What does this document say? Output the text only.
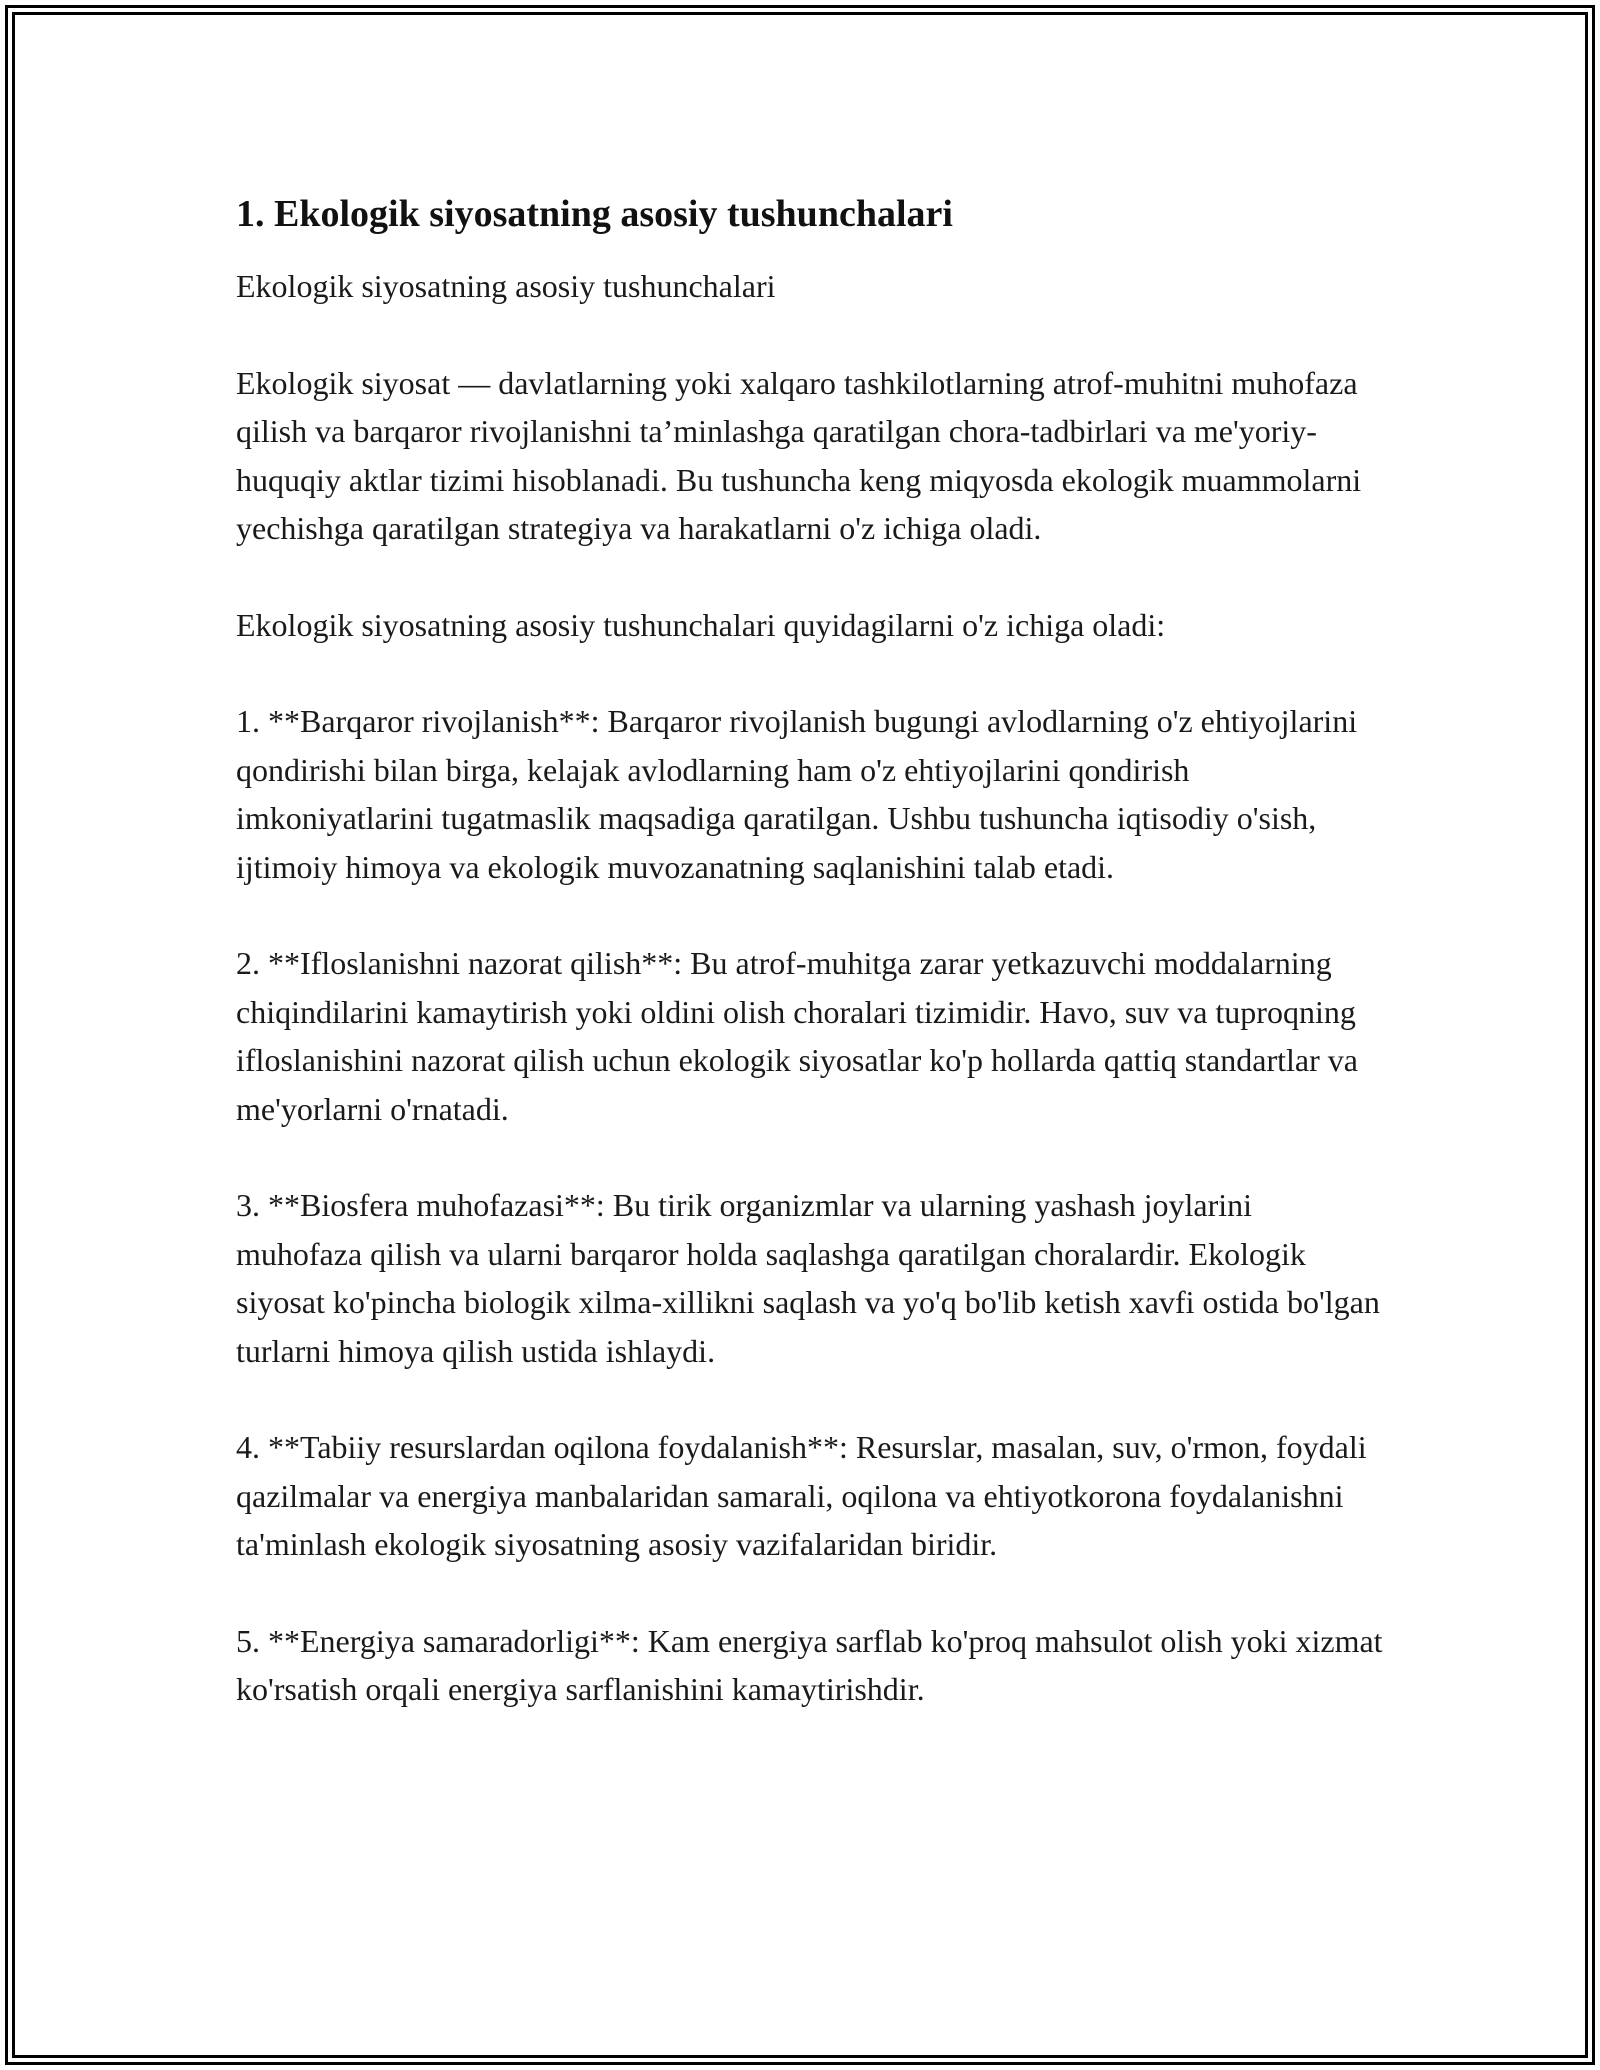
1. Ekologik siyosatning asosiy tushunchalari

Ekologik siyosatning asosiy tushunchalari

Ekologik siyosat — davlatlarning yoki xalqaro tashkilotlarning atrof-muhitni muhofaza qilish va barqaror rivojlanishni ta’minlashga qaratilgan chora-tadbirlari va me'yoriy-huquqiy aktlar tizimi hisoblanadi. Bu tushuncha keng miqyosda ekologik muammolarni yechishga qaratilgan strategiya va harakatlarni o'z ichiga oladi.

Ekologik siyosatning asosiy tushunchalari quyidagilarni o'z ichiga oladi:

1. **Barqaror rivojlanish**: Barqaror rivojlanish bugungi avlodlarning o'z ehtiyojlarini qondirishi bilan birga, kelajak avlodlarning ham o'z ehtiyojlarini qondirish imkoniyatlarini tugatmaslik maqsadiga qaratilgan. Ushbu tushuncha iqtisodiy o'sish, ijtimoiy himoya va ekologik muvozanatning saqlanishini talab etadi.

2. **Ifloslanishni nazorat qilish**: Bu atrof-muhitga zarar yetkazuvchi moddalarning chiqindilarini kamaytirish yoki oldini olish choralari tizimidir. Havo, suv va tuproqning ifloslanishini nazorat qilish uchun ekologik siyosatlar ko'p hollarda qattiq standartlar va me'yorlarni o'rnatadi.

3. **Biosfera muhofazasi**: Bu tirik organizmlar va ularning yashash joylarini muhofaza qilish va ularni barqaror holda saqlashga qaratilgan choralardir. Ekologik siyosat ko'pincha biologik xilma-xillikni saqlash va yo'q bo'lib ketish xavfi ostida bo'lgan turlarni himoya qilish ustida ishlaydi.

4. **Tabiiy resurslardan oqilona foydalanish**: Resurslar, masalan, suv, o'rmon, foydali qazilmalar va energiya manbalaridan samarali, oqilona va ehtiyotkorona foydalanishni ta'minlash ekologik siyosatning asosiy vazifalaridan biridir.

5. **Energiya samaradorligi**: Kam energiya sarflab ko'proq mahsulot olish yoki xizmat ko'rsatish orqali energiya sarflanishini kamaytirishdir.
